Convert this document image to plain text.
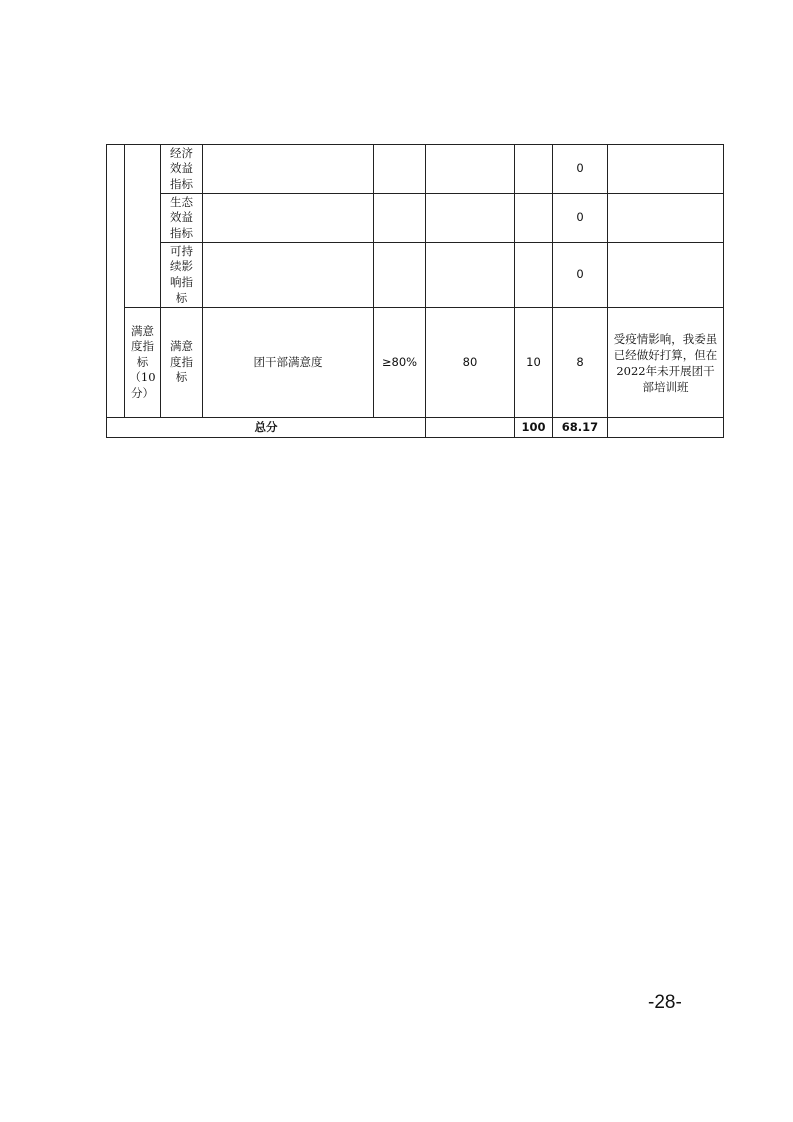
		经济效益指标					0	
		生态效益指标					0	
		可持续影响指标					0	
	满意度指标（10分）	满意度指标	团干部满意度	≥80%	80	10	8	受疫情影响，我委虽已经做好打算，但在2022年未开展团干部培训班
总分						100	68.17	
-28-
